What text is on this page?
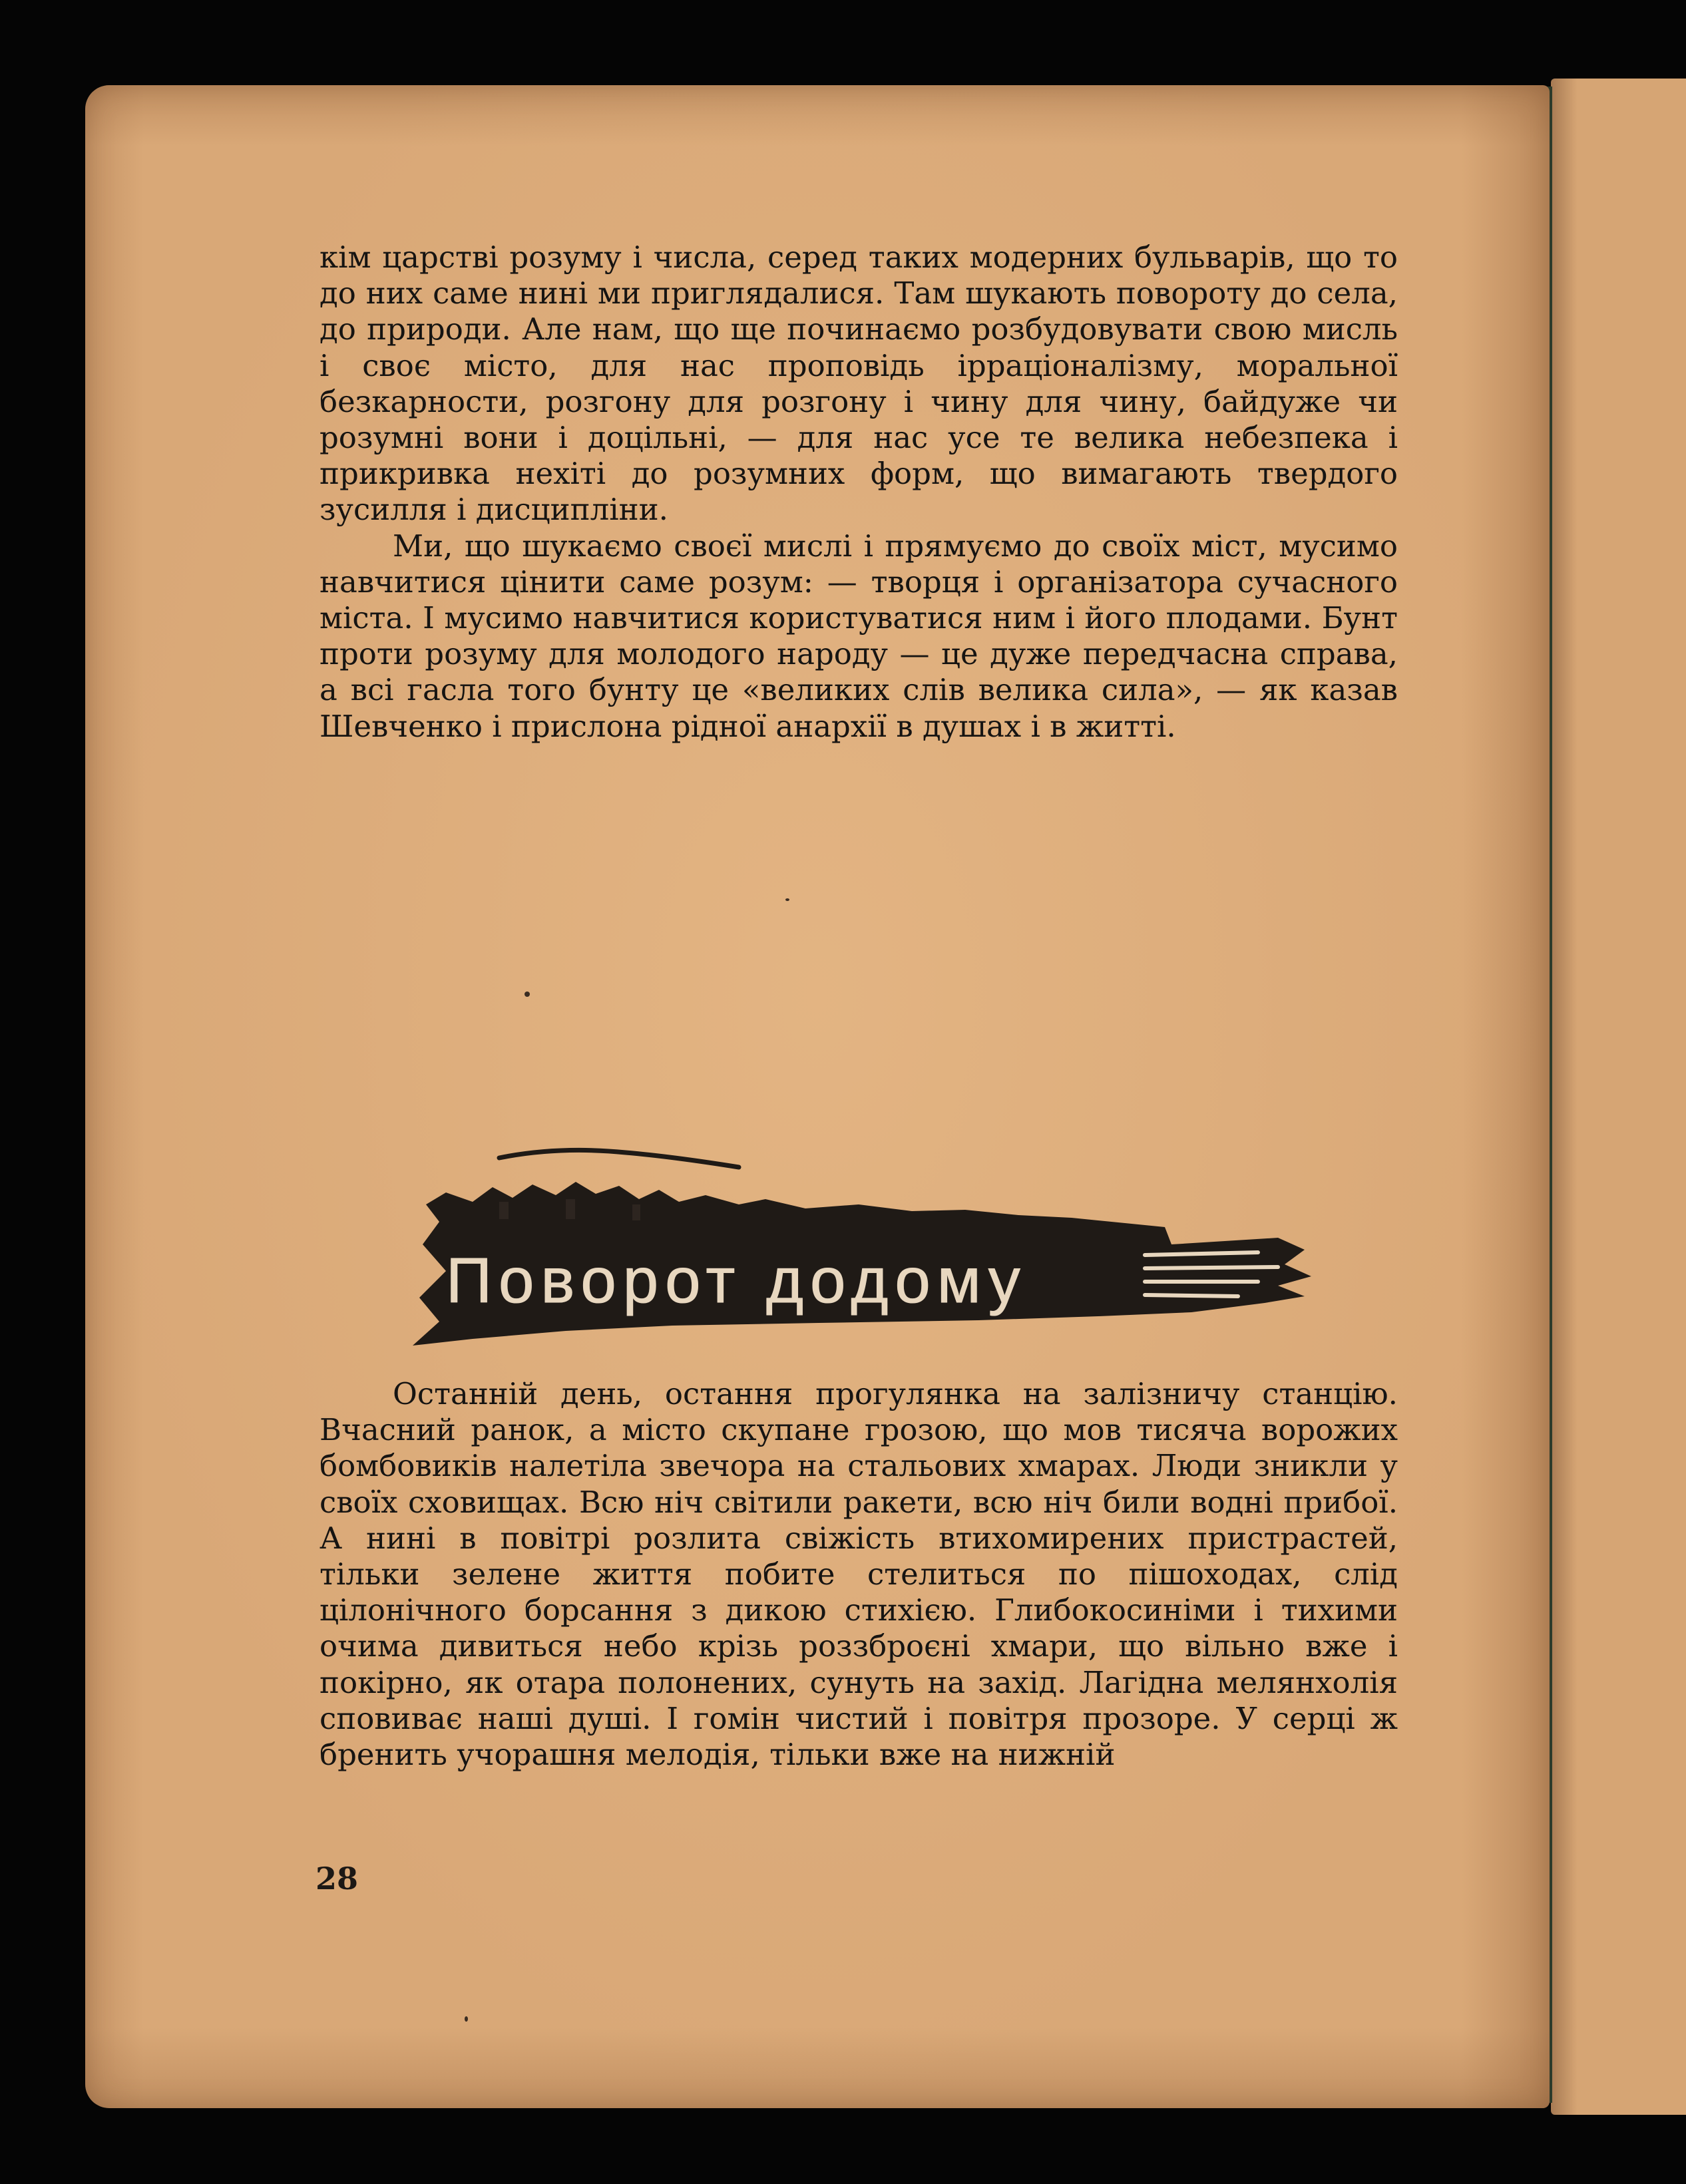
кім царстві розуму і числа, серед таких модерних бульварів, що то до них саме нині ми приглядалися. Там шукають повороту до села, до природи. Але нам, що ще починаємо розбудовувати свою мисль і своє місто, для нас проповідь ірраціоналізму, моральної безкарности, розгону для розгону і чину для чину, байдуже чи розумні вони і доцільні, — для нас усе те велика небезпека і прикривка нехіті до розумних форм, що вимагають твердого зусилля і дисципліни.

Ми, що шукаємо своєї мислі і прямуємо до своїх міст, мусимо навчитися цінити саме розум: — творця і організатора сучасного міста. І мусимо навчитися користуватися ним і його плодами. Бунт проти розуму для молодого народу — це дуже передчасна справа, а всі гасла того бунту це «великих слів велика сила», — як казав Шевченко і прислона рідної анархії в душах і в житті.

Поворот додому

Останній день, остання прогулянка на залізничу станцію. Вчасний ранок, а місто скупане грозою, що мов тисяча ворожих бомбовиків налетіла звечора на стальових хмарах. Люди зникли у своїх сховищах. Всю ніч світили ракети, всю ніч били водні прибої. А нині в повітрі розлита свіжість втихомирених пристрастей, тільки зелене життя побите стелиться по пішоходах, слід цілонічного борсання з дикою стихією. Глибокосиніми і тихими очима дивиться небо крізь роззброєні хмари, що вільно вже і покірно, як отара полонених, сунуть на захід. Лагідна мелянхолія сповиває наші душі. І гомін чистий і повітря прозоре. У серці ж бренить учорашня мелодія, тільки вже на нижній

28
